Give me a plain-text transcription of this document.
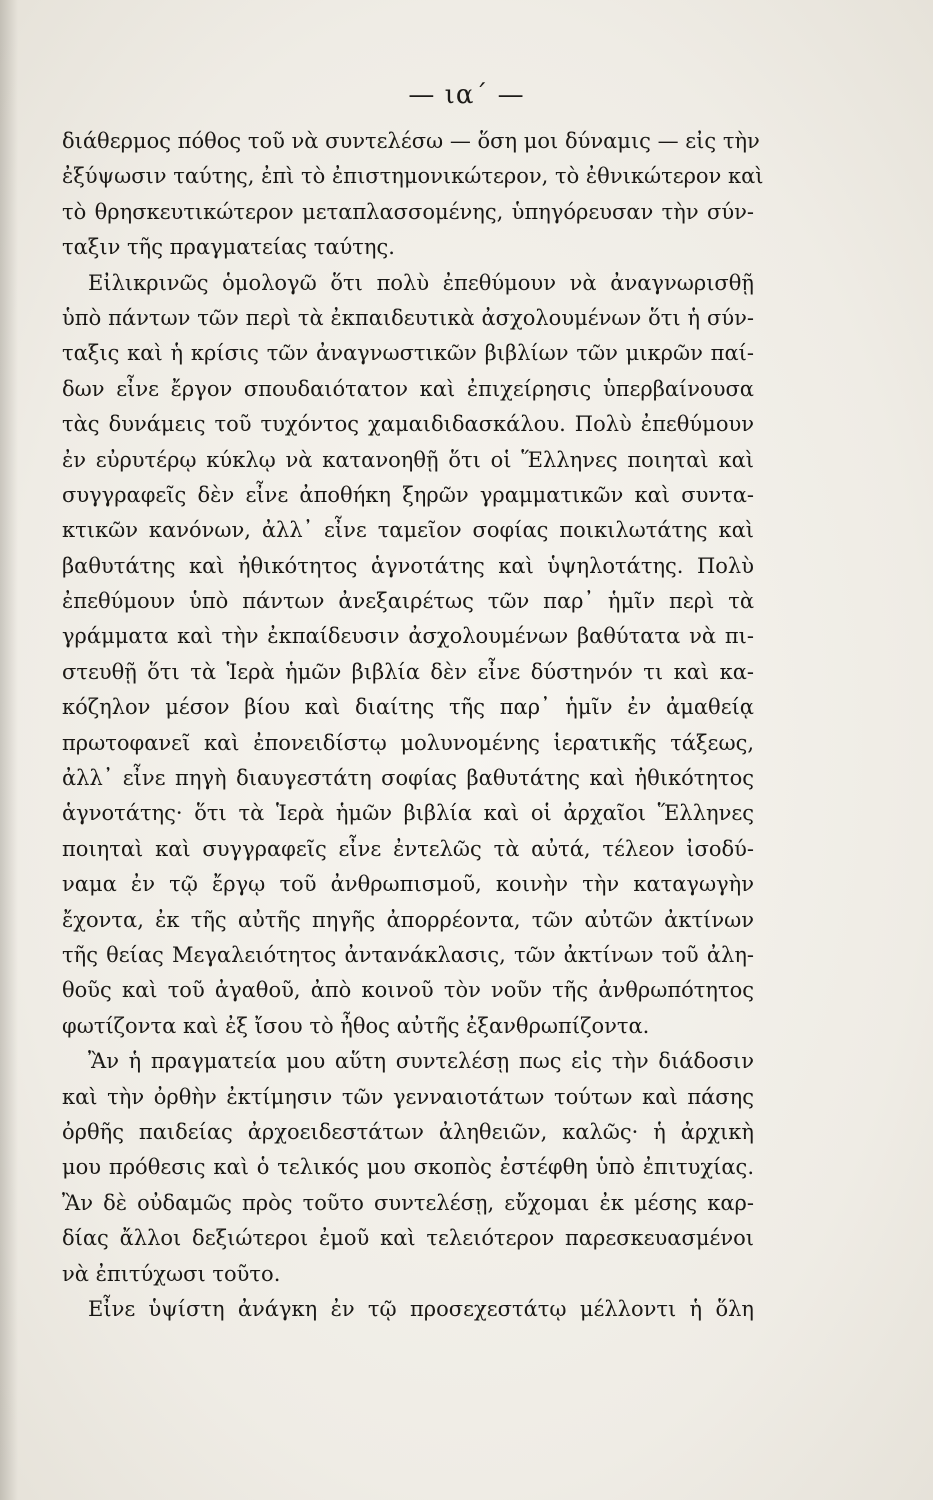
— ια΄ —
διάθερμος πόθος τοῦ νὰ συντελέσω — ὅση μοι δύναμις — εἰς τὴν
ἐξύψωσιν ταύτης, ἐπὶ τὸ ἐπιστημονικώτερον, τὸ ἐθνικώτερον καὶ
τὸ θρησκευτικώτερον μεταπλασσομένης, ὑπηγόρευσαν τὴν σύν-
ταξιν τῆς πραγματείας ταύτης.
Εἰλικρινῶς ὁμολογῶ ὅτι πολὺ ἐπεθύμουν νὰ ἀναγνωρισθῇ
ὑπὸ πάντων τῶν περὶ τὰ ἐκπαιδευτικὰ ἀσχολουμένων ὅτι ἡ σύν-
ταξις καὶ ἡ κρίσις τῶν ἀναγνωστικῶν βιβλίων τῶν μικρῶν παί-
δων εἶνε ἔργον σπουδαιότατον καὶ ἐπιχείρησις ὑπερβαίνουσα
τὰς δυνάμεις τοῦ τυχόντος χαμαιδιδασκάλου. Πολὺ ἐπεθύμουν
ἐν εὐρυτέρῳ κύκλῳ νὰ κατανοηθῇ ὅτι οἱ Ἕλληνες ποιηταὶ καὶ
συγγραφεῖς δὲν εἶνε ἀποθήκη ξηρῶν γραμματικῶν καὶ συντα-
κτικῶν κανόνων, ἀλλ᾽ εἶνε ταμεῖον σοφίας ποικιλωτάτης καὶ
βαθυτάτης καὶ ἠθικότητος ἁγνοτάτης καὶ ὑψηλοτάτης. Πολὺ
ἐπεθύμουν ὑπὸ πάντων ἀνεξαιρέτως τῶν παρ᾽ ἡμῖν περὶ τὰ
γράμματα καὶ τὴν ἐκπαίδευσιν ἀσχολουμένων βαθύτατα νὰ πι-
στευθῇ ὅτι τὰ Ἱερὰ ἡμῶν βιβλία δὲν εἶνε δύστηνόν τι καὶ κα-
κόζηλον μέσον βίου καὶ διαίτης τῆς παρ᾽ ἡμῖν ἐν ἀμαθείᾳ
πρωτοφανεῖ καὶ ἐπονειδίστῳ μολυνομένης ἱερατικῆς τάξεως,
ἀλλ᾽ εἶνε πηγὴ διαυγεστάτη σοφίας βαθυτάτης καὶ ἠθικότητος
ἁγνοτάτης· ὅτι τὰ Ἱερὰ ἡμῶν βιβλία καὶ οἱ ἀρχαῖοι Ἕλληνες
ποιηταὶ καὶ συγγραφεῖς εἶνε ἐντελῶς τὰ αὐτά, τέλεον ἰσοδύ-
ναμα ἐν τῷ ἔργῳ τοῦ ἀνθρωπισμοῦ, κοινὴν τὴν καταγωγὴν
ἔχοντα, ἐκ τῆς αὐτῆς πηγῆς ἀπορρέοντα, τῶν αὐτῶν ἀκτίνων
τῆς θείας Μεγαλειότητος ἀντανάκλασις, τῶν ἀκτίνων τοῦ ἀλη-
θοῦς καὶ τοῦ ἀγαθοῦ, ἀπὸ κοινοῦ τὸν νοῦν τῆς ἀνθρωπότητος
φωτίζοντα καὶ ἐξ ἴσου τὸ ἦθος αὐτῆς ἐξανθρωπίζοντα.
Ἂν ἡ πραγματεία μου αὕτη συντελέσῃ πως εἰς τὴν διάδοσιν
καὶ τὴν ὀρθὴν ἐκτίμησιν τῶν γενναιοτάτων τούτων καὶ πάσης
ὀρθῆς παιδείας ἀρχοειδεστάτων ἀληθειῶν, καλῶς· ἡ ἀρχικὴ
μου πρόθεσις καὶ ὁ τελικός μου σκοπὸς ἐστέφθη ὑπὸ ἐπιτυχίας.
Ἂν δὲ οὐδαμῶς πρὸς τοῦτο συντελέσῃ, εὔχομαι ἐκ μέσης καρ-
δίας ἄλλοι δεξιώτεροι ἐμοῦ καὶ τελειότερον παρεσκευασμένοι
νὰ ἐπιτύχωσι τοῦτο.
Εἶνε ὑψίστη ἀνάγκη ἐν τῷ προσεχεστάτῳ μέλλοντι ἡ ὅλη
